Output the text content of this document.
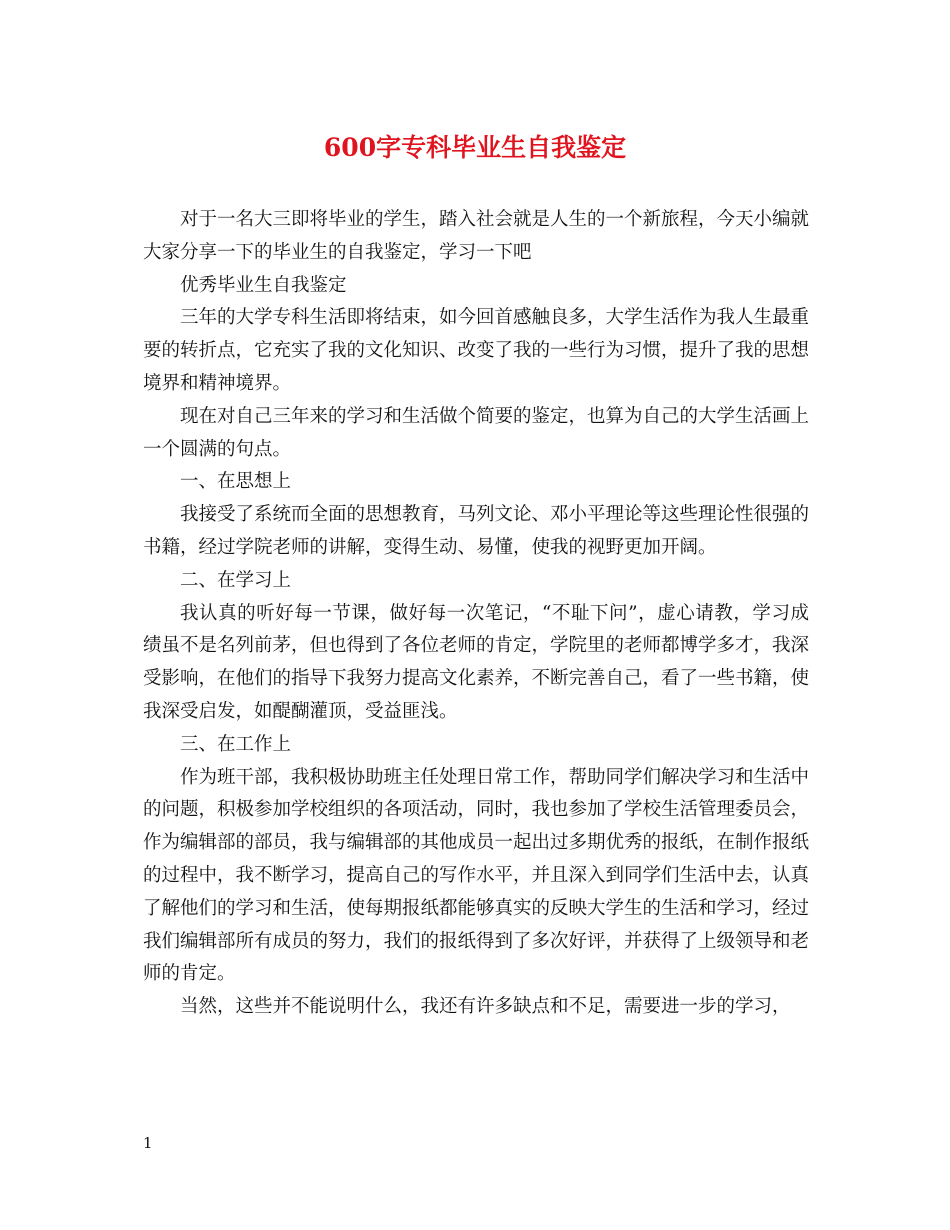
600字专科毕业生自我鉴定

对于一名大三即将毕业的学生，踏入社会就是人生的一个新旅程，今天小编就大家分享一下的毕业生的自我鉴定，学习一下吧

优秀毕业生自我鉴定

三年的大学专科生活即将结束，如今回首感触良多，大学生活作为我人生最重要的转折点，它充实了我的文化知识、改变了我的一些行为习惯，提升了我的思想境界和精神境界。

现在对自己三年来的学习和生活做个简要的鉴定，也算为自己的大学生活画上一个圆满的句点。

一、在思想上

我接受了系统而全面的思想教育，马列文论、邓小平理论等这些理论性很强的书籍，经过学院老师的讲解，变得生动、易懂，使我的视野更加开阔。

二、在学习上

我认真的听好每一节课，做好每一次笔记，“不耻下问”，虚心请教，学习成绩虽不是名列前茅，但也得到了各位老师的肯定，学院里的老师都博学多才，我深受影响，在他们的指导下我努力提高文化素养，不断完善自己，看了一些书籍，使我深受启发，如醍醐灌顶，受益匪浅。

三、在工作上

作为班干部，我积极协助班主任处理日常工作，帮助同学们解决学习和生活中的问题，积极参加学校组织的各项活动，同时，我也参加了学校生活管理委员会，作为编辑部的部员，我与编辑部的其他成员一起出过多期优秀的报纸，在制作报纸的过程中，我不断学习，提高自己的写作水平，并且深入到同学们生活中去，认真了解他们的学习和生活，使每期报纸都能够真实的反映大学生的生活和学习，经过我们编辑部所有成员的努力，我们的报纸得到了多次好评，并获得了上级领导和老师的肯定。

当然，这些并不能说明什么，我还有许多缺点和不足，需要进一步的学习，

1
